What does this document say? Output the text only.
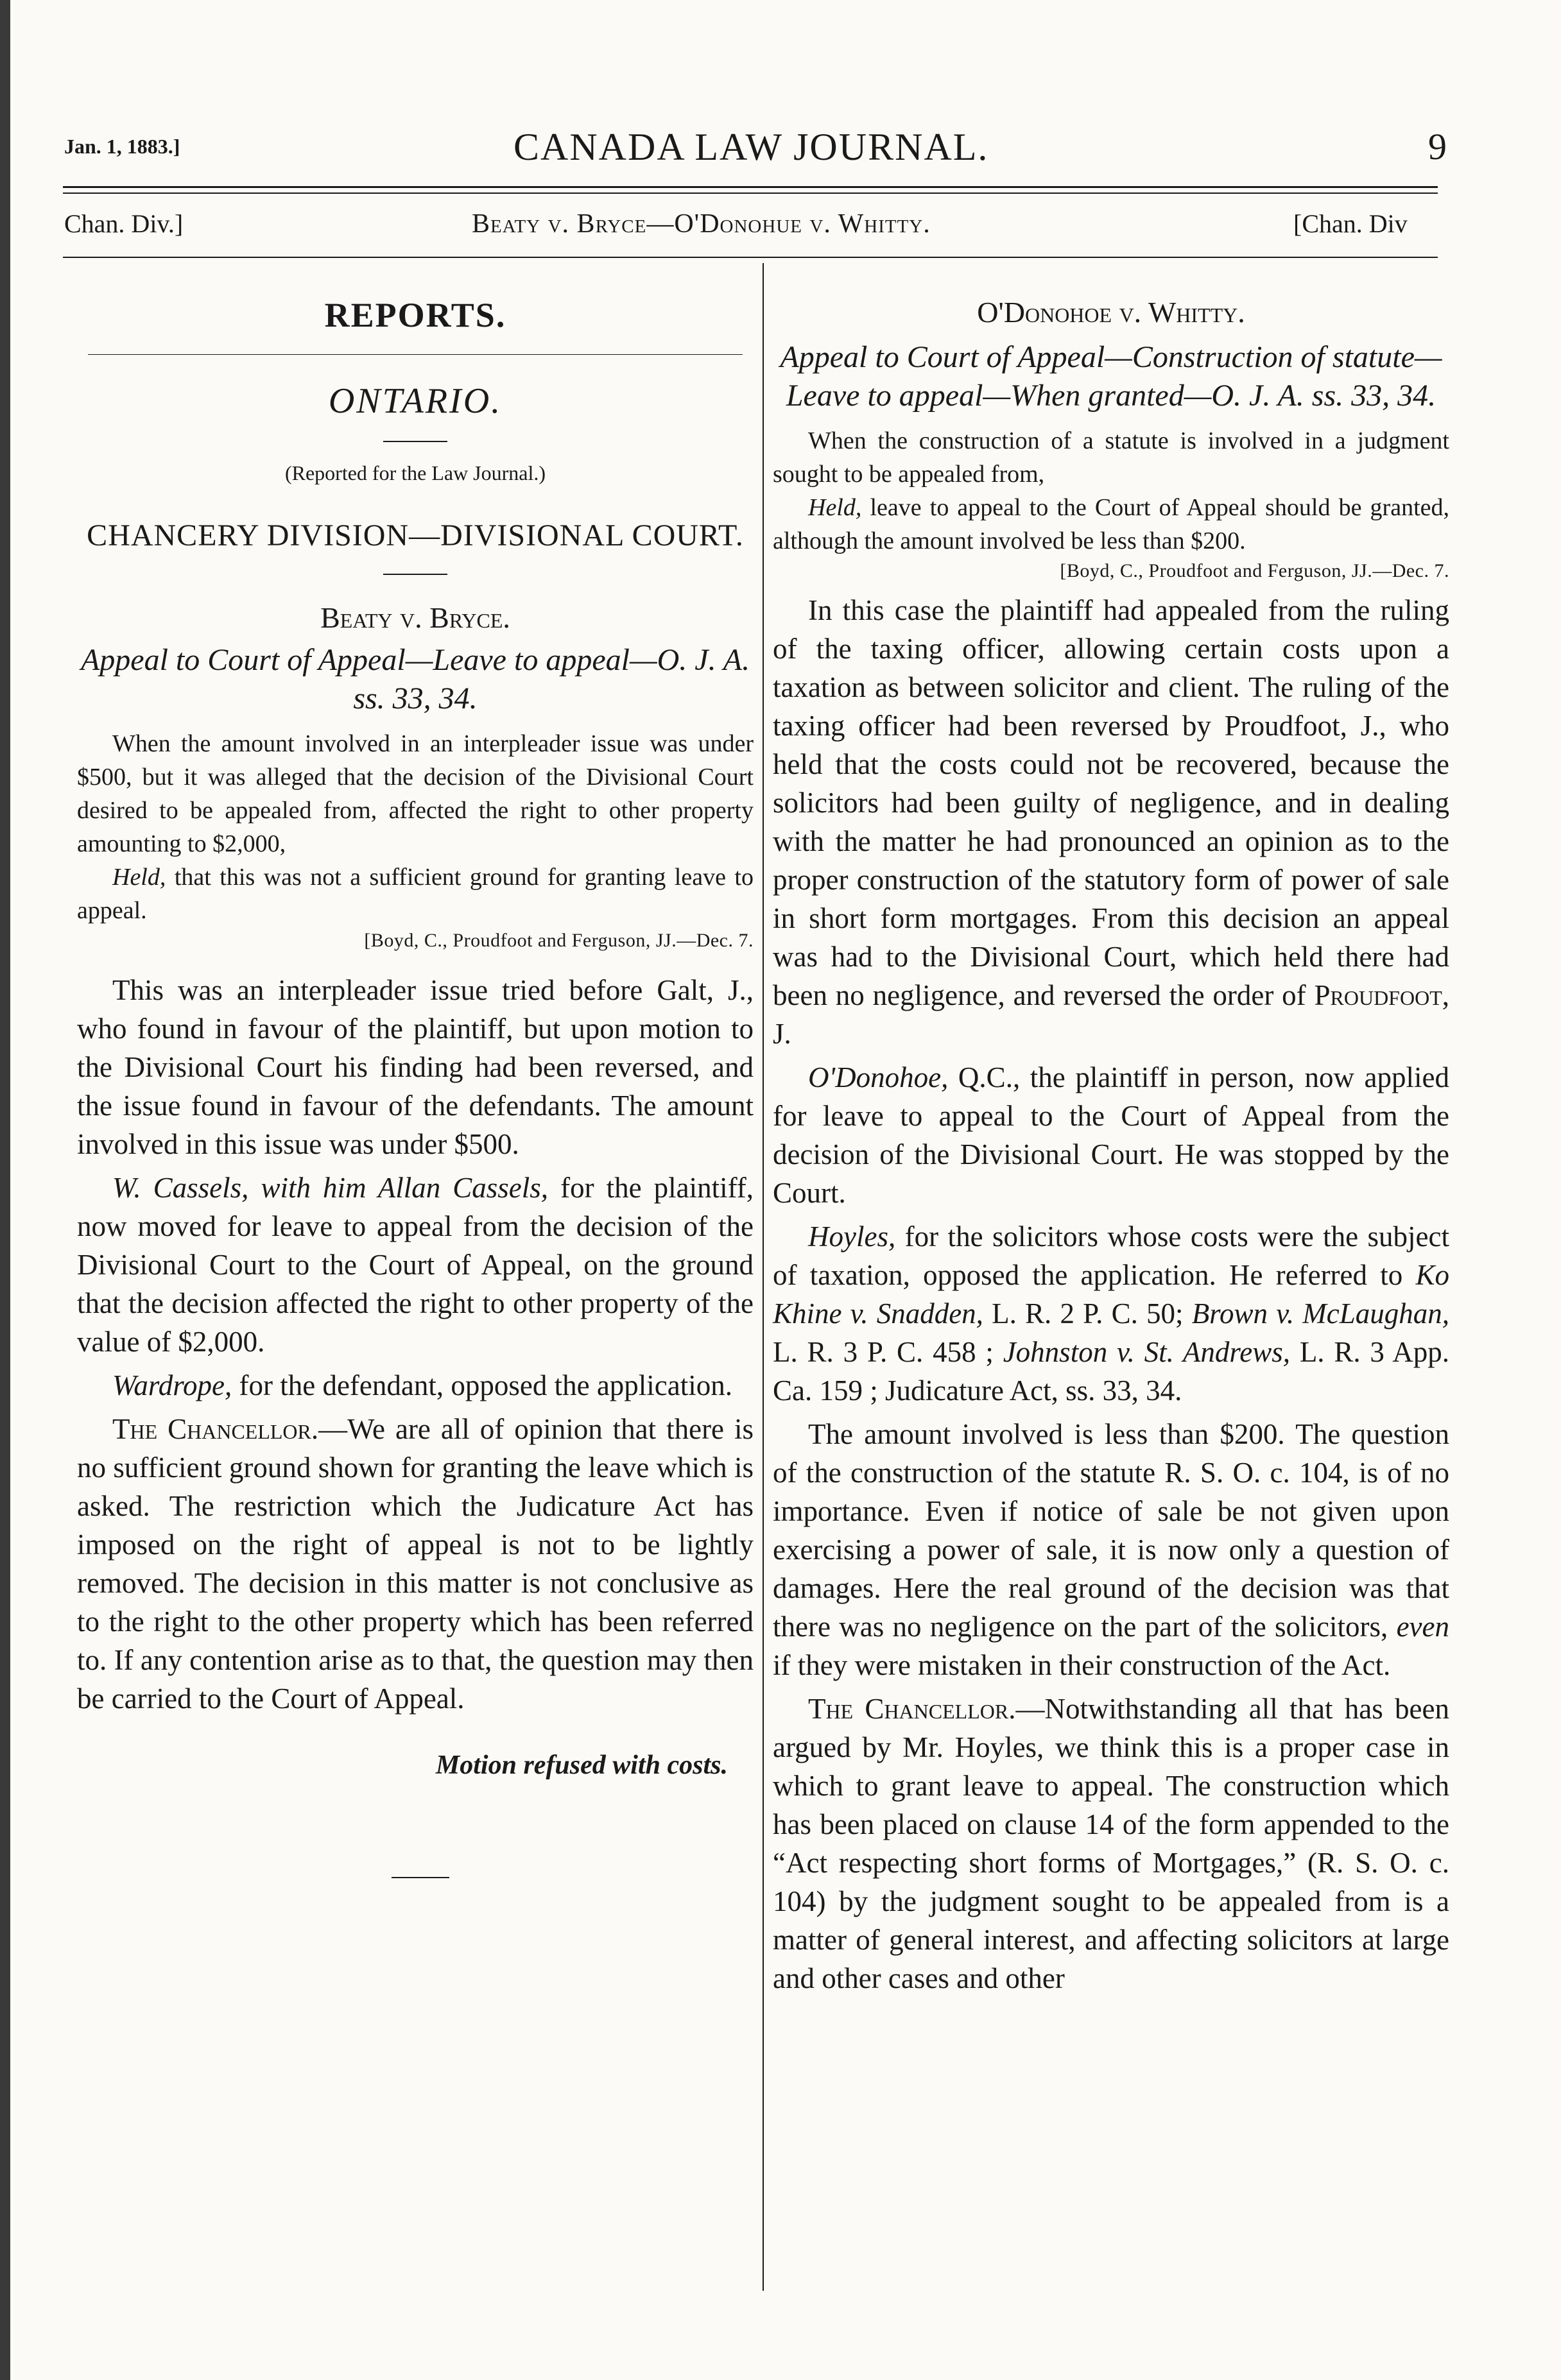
Jan. 1, 1883.]	CANADA LAW JOURNAL.	9
Chan. Div.]	Beaty v. Bryce—O'Donohue v. Whitty.	[Chan. Div

REPORTS.

ONTARIO.

(Reported for the Law Journal.)

CHANCERY DIVISION—DIVISIONAL COURT.

Beaty v. Bryce.

Appeal to Court of Appeal—Leave to appeal—O. J. A. ss. 33, 34.

When the amount involved in an interpleader issue was under $500, but it was alleged that the decision of the Divisional Court desired to be appealed from, affected the right to other property amounting to $2,000,

Held, that this was not a sufficient ground for granting leave to appeal.

[Boyd, C., Proudfoot and Ferguson, JJ.—Dec. 7.

This was an interpleader issue tried before Galt, J., who found in favour of the plaintiff, but upon motion to the Divisional Court his finding had been reversed, and the issue found in favour of the defendants. The amount involved in this issue was under $500.

W. Cassels, with him Allan Cassels, for the plaintiff, now moved for leave to appeal from the decision of the Divisional Court to the Court of Appeal, on the ground that the decision affected the right to other property of the value of $2,000.

Wardrope, for the defendant, opposed the application.

The Chancellor.—We are all of opinion that there is no sufficient ground shown for granting the leave which is asked. The restriction which the Judicature Act has imposed on the right of appeal is not to be lightly removed. The decision in this matter is not conclusive as to the right to the other property which has been referred to. If any contention arise as to that, the question may then be carried to the Court of Appeal.

Motion refused with costs.

O'Donohoe v. Whitty.

Appeal to Court of Appeal—Construction of statute—Leave to appeal—When granted—O. J. A. ss. 33, 34.

When the construction of a statute is involved in a judgment sought to be appealed from,

Held, leave to appeal to the Court of Appeal should be granted, although the amount involved be less than $200.

[Boyd, C., Proudfoot and Ferguson, JJ.—Dec. 7.

In this case the plaintiff had appealed from the ruling of the taxing officer, allowing certain costs upon a taxation as between solicitor and client. The ruling of the taxing officer had been reversed by Proudfoot, J., who held that the costs could not be recovered, because the solicitors had been guilty of negligence, and in dealing with the matter he had pronounced an opinion as to the proper construction of the statutory form of power of sale in short form mortgages. From this decision an appeal was had to the Divisional Court, which held there had been no negligence, and reversed the order of Proudfoot, J.

O'Donohoe, Q.C., the plaintiff in person, now applied for leave to appeal to the Court of Appeal from the decision of the Divisional Court. He was stopped by the Court.

Hoyles, for the solicitors whose costs were the subject of taxation, opposed the application. He referred to Ko Khine v. Snadden, L. R. 2 P. C. 50; Brown v. McLaughan, L. R. 3 P. C. 458 ; Johnston v. St. Andrews, L. R. 3 App. Ca. 159 ; Judicature Act, ss. 33, 34.

The amount involved is less than $200. The question of the construction of the statute R. S. O. c. 104, is of no importance. Even if notice of sale be not given upon exercising a power of sale, it is now only a question of damages. Here the real ground of the decision was that there was no negligence on the part of the solicitors, even if they were mistaken in their construction of the Act.

The Chancellor.—Notwithstanding all that has been argued by Mr. Hoyles, we think this is a proper case in which to grant leave to appeal. The construction which has been placed on clause 14 of the form appended to the “Act respecting short forms of Mortgages,” (R. S. O. c. 104) by the judgment sought to be appealed from is a matter of general interest, and affecting solicitors at large and other cases and other
